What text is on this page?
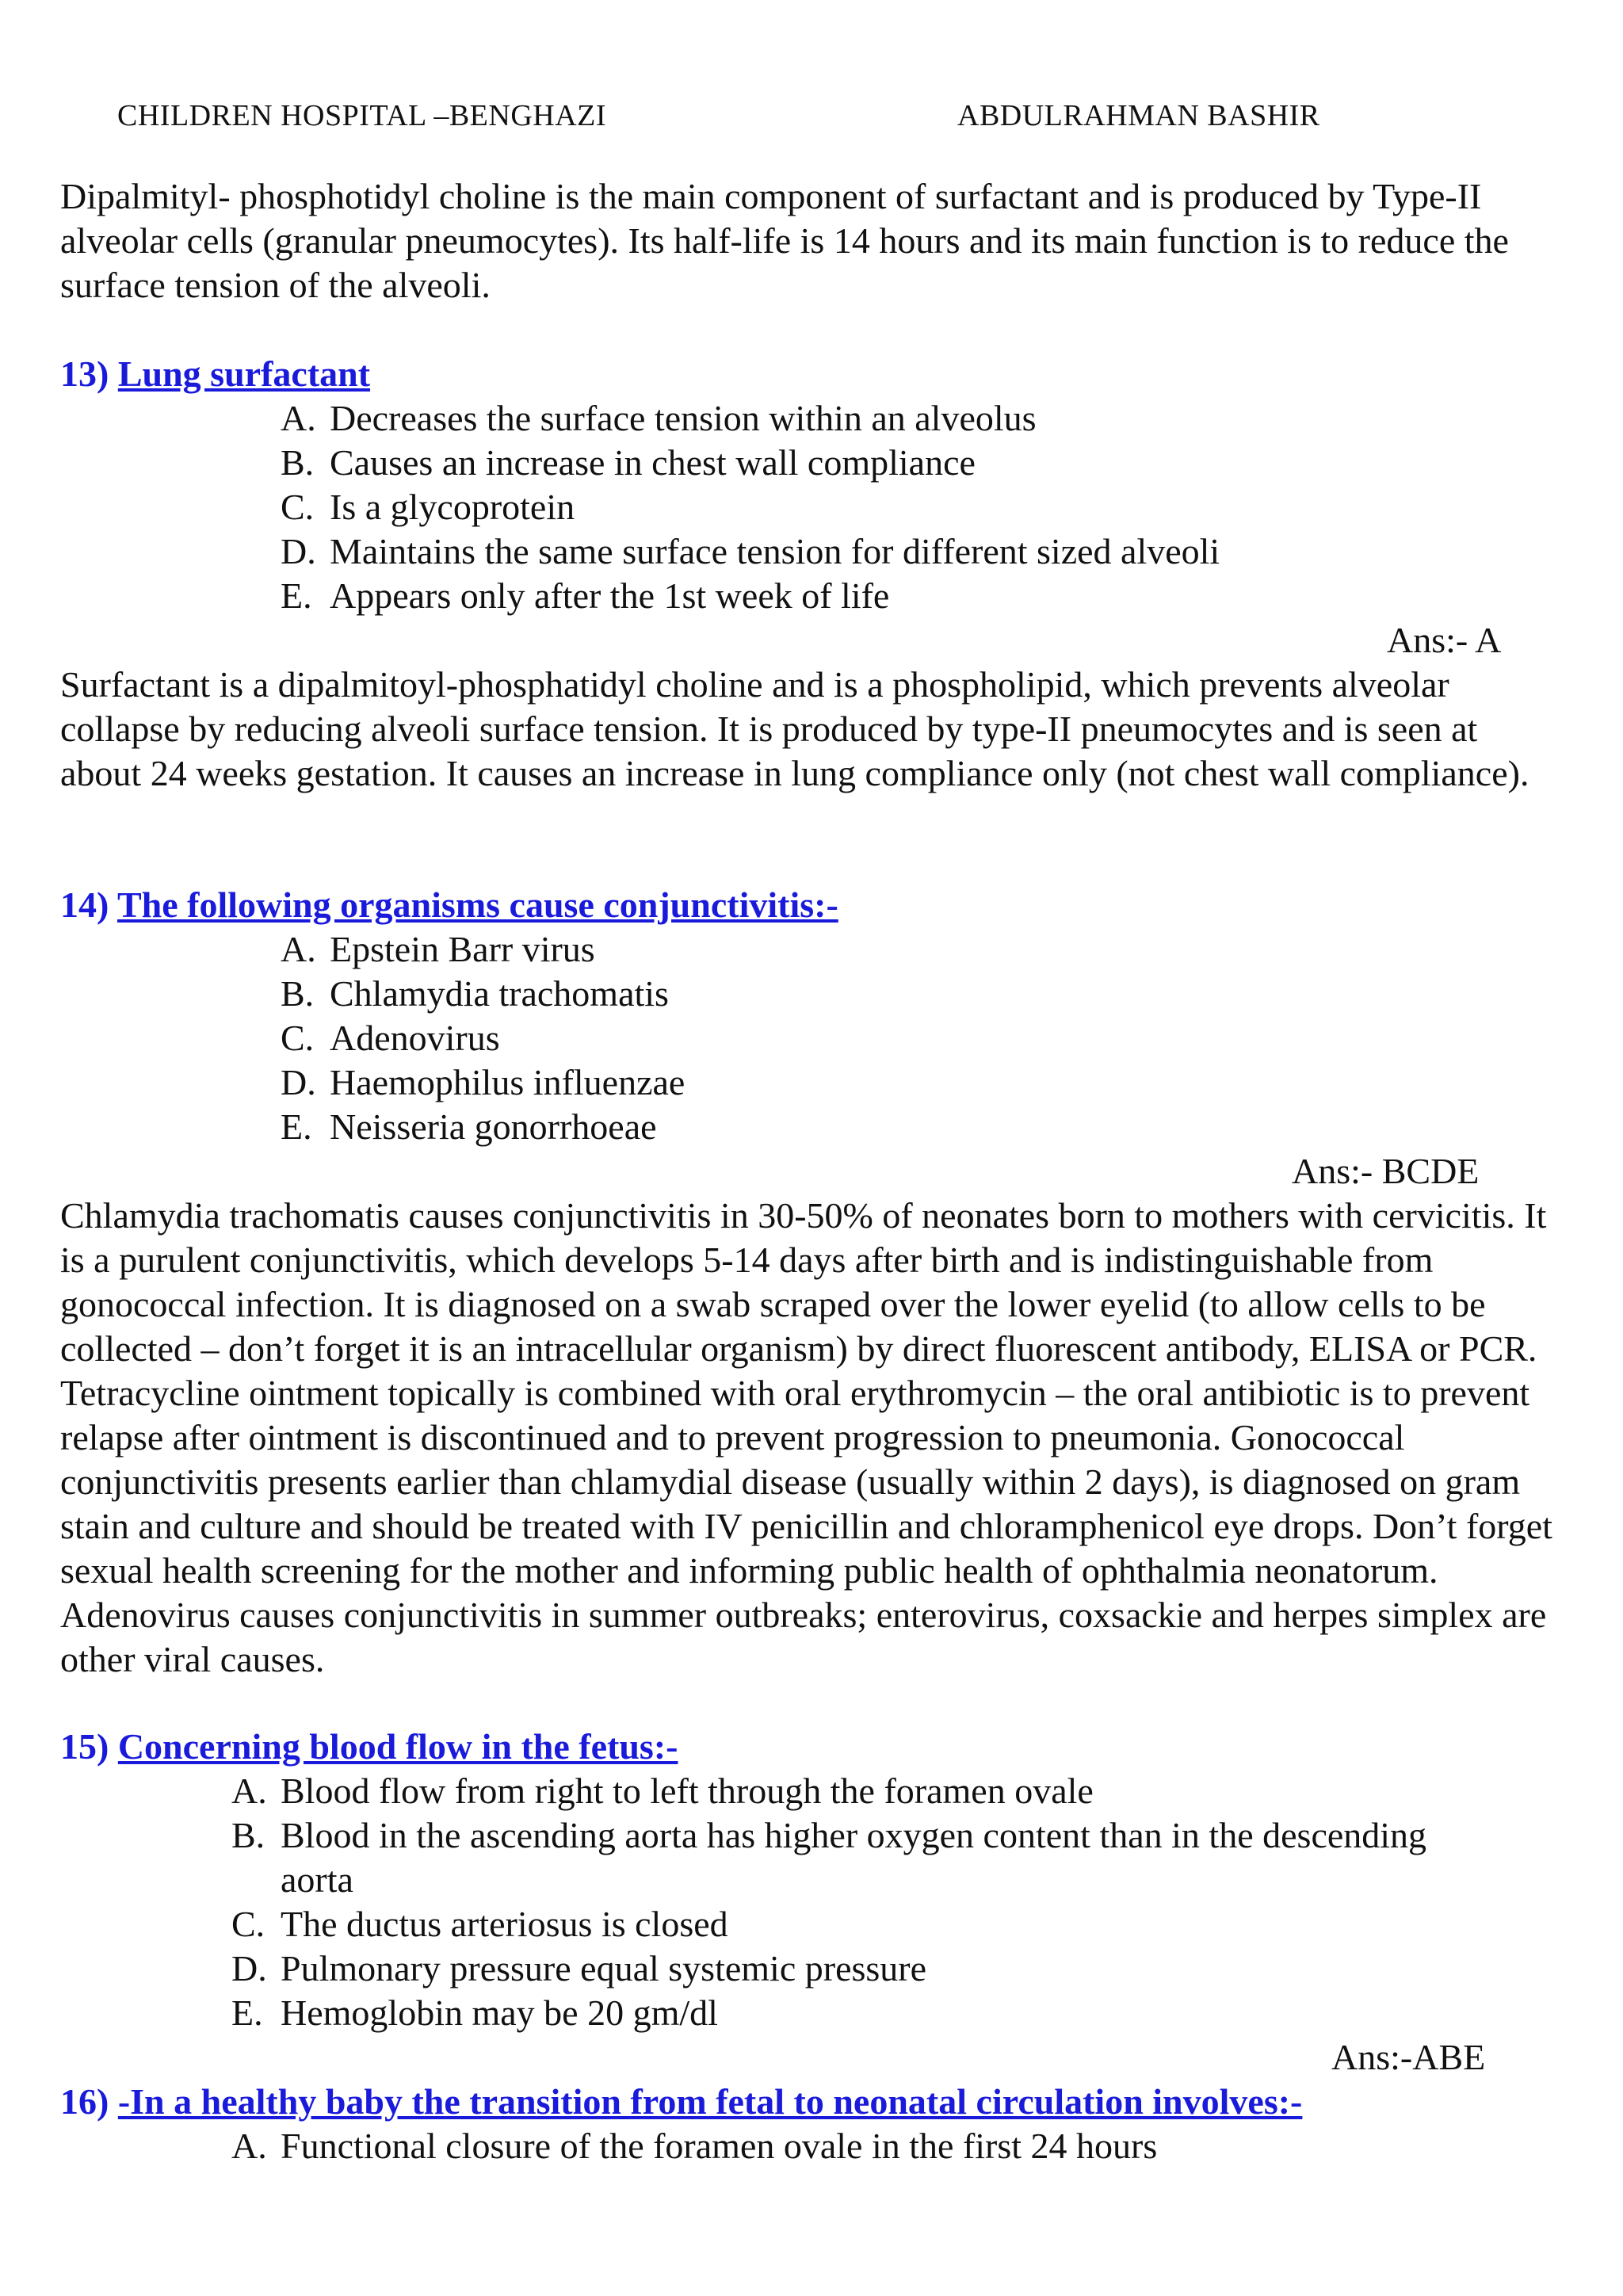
CHILDREN HOSPITAL –BENGHAZI	ABDULRAHMAN BASHIR

Dipalmityl- phosphotidyl choline is the main component of surfactant and is produced by Type-II alveolar cells (granular pneumocytes). Its half-life is 14 hours and its main function is to reduce the surface tension of the alveoli.

13) Lung surfactant
A. Decreases the surface tension within an alveolus
B. Causes an increase in chest wall compliance
C. Is a glycoprotein
D. Maintains the same surface tension for different sized alveoli
E. Appears only after the 1st week of life
Ans:- A

Surfactant is a dipalmitoyl-phosphatidyl choline and is a phospholipid, which prevents alveolar collapse by reducing alveoli surface tension. It is produced by type-II pneumocytes and is seen at about 24 weeks gestation. It causes an increase in lung compliance only (not chest wall compliance).

14) The following organisms cause conjunctivitis:-
A. Epstein Barr virus
B. Chlamydia trachomatis
C. Adenovirus
D. Haemophilus influenzae
E. Neisseria gonorrhoeae
Ans:- BCDE

Chlamydia trachomatis causes conjunctivitis in 30-50% of neonates born to mothers with cervicitis. It is a purulent conjunctivitis, which develops 5-14 days after birth and is indistinguishable from gonococcal infection. It is diagnosed on a swab scraped over the lower eyelid (to allow cells to be collected – don’t forget it is an intracellular organism) by direct fluorescent antibody, ELISA or PCR. Tetracycline ointment topically is combined with oral erythromycin – the oral antibiotic is to prevent relapse after ointment is discontinued and to prevent progression to pneumonia. Gonococcal conjunctivitis presents earlier than chlamydial disease (usually within 2 days), is diagnosed on gram stain and culture and should be treated with IV penicillin and chloramphenicol eye drops. Don’t forget sexual health screening for the mother and informing public health of ophthalmia neonatorum. Adenovirus causes conjunctivitis in summer outbreaks; enterovirus, coxsackie and herpes simplex are other viral causes.

15) Concerning blood flow in the fetus:-
A. Blood flow from right to left through the foramen ovale
B. Blood in the ascending aorta has higher oxygen content than in the descending aorta
C. The ductus arteriosus is closed
D. Pulmonary pressure equal systemic pressure
E. Hemoglobin may be 20 gm/dl
Ans:-ABE
16) -In a healthy baby the transition from fetal to neonatal circulation involves:-
A. Functional closure of the foramen ovale in the first 24 hours
